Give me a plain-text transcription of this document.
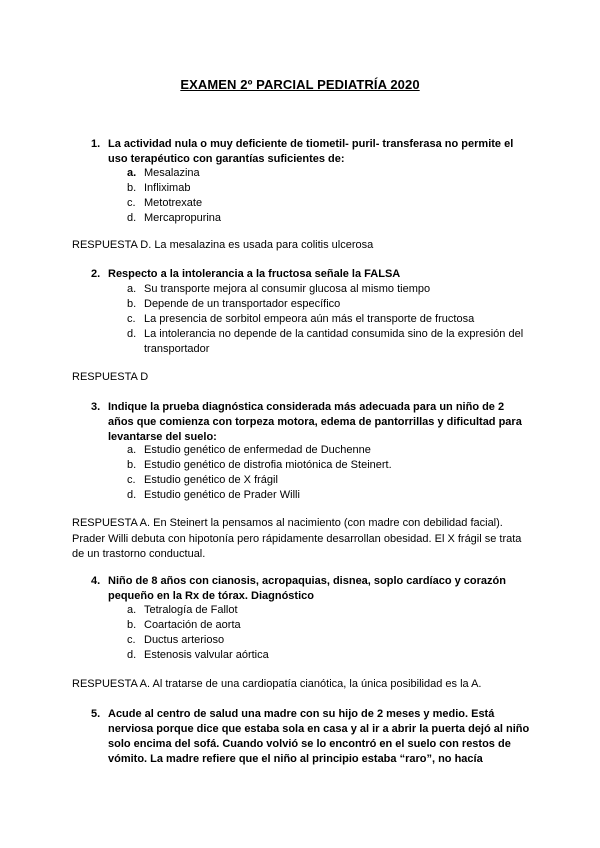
EXAMEN 2º PARCIAL PEDIATRÍA 2020
1. La actividad nula o muy deficiente de tiometil- puril- transferasa no permite el uso terapéutico con garantías suficientes de:
a. Mesalazina
b. Infliximab
c. Metotrexate
d. Mercapropurina
RESPUESTA D. La mesalazina es usada para colitis ulcerosa
2. Respecto a la intolerancia a la fructosa señale la FALSA
a. Su transporte mejora al consumir glucosa al mismo tiempo
b. Depende de un transportador específico
c. La presencia de sorbitol empeora aún más el transporte de fructosa
d. La intolerancia no depende de la cantidad consumida sino de la expresión del transportador
RESPUESTA D
3. Indique la prueba diagnóstica considerada más adecuada para un niño de 2 años que comienza con torpeza motora, edema de pantorrillas y dificultad para levantarse del suelo:
a. Estudio genético de enfermedad de Duchenne
b. Estudio genético de distrofia miotónica de Steinert.
c. Estudio genético de X frágil
d. Estudio genético de Prader Willi
RESPUESTA A. En Steinert la pensamos al nacimiento (con madre con debilidad facial). Prader Willi debuta con hipotonía pero rápidamente desarrollan obesidad. El X frágil se trata de un trastorno conductual.
4. Niño de 8 años con cianosis, acropaquias, disnea, soplo cardíaco y corazón pequeño en la Rx de tórax. Diagnóstico
a. Tetralogía de Fallot
b. Coartación de aorta
c. Ductus arterioso
d. Estenosis valvular aórtica
RESPUESTA A. Al tratarse de una cardiopatía cianótica, la única posibilidad es la A.
5. Acude al centro de salud una madre con su hijo de 2 meses y medio. Está nerviosa porque dice que estaba sola en casa y al ir a abrir la puerta dejó al niño solo encima del sofá. Cuando volvió se lo encontró en el suelo con restos de vómito. La madre refiere que el niño al principio estaba “raro”, no hacía
